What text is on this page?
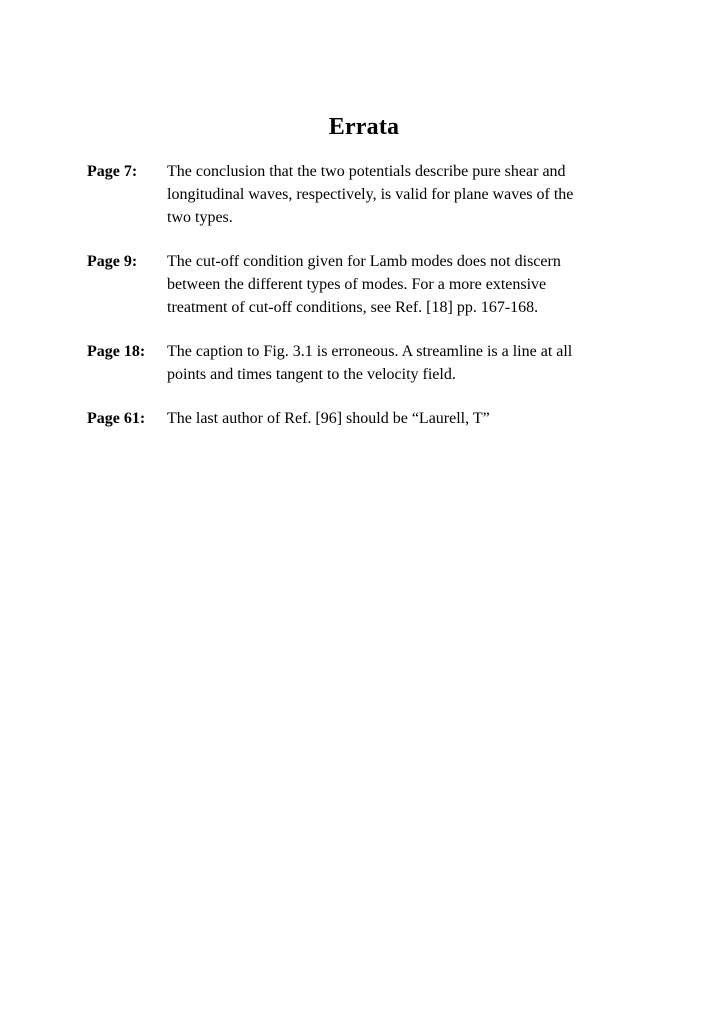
Errata
Page 7:	The conclusion that the two potentials describe pure shear and
longitudinal waves, respectively, is valid for plane waves of the
two types.
Page 9:	The cut-off condition given for Lamb modes does not discern
between the different types of modes. For a more extensive
treatment of cut-off conditions, see Ref. [18] pp. 167-168.
Page 18:	The caption to Fig. 3.1 is erroneous. A streamline is a line at all
points and times tangent to the velocity field.
Page 61:	The last author of Ref. [96] should be “Laurell, T”
